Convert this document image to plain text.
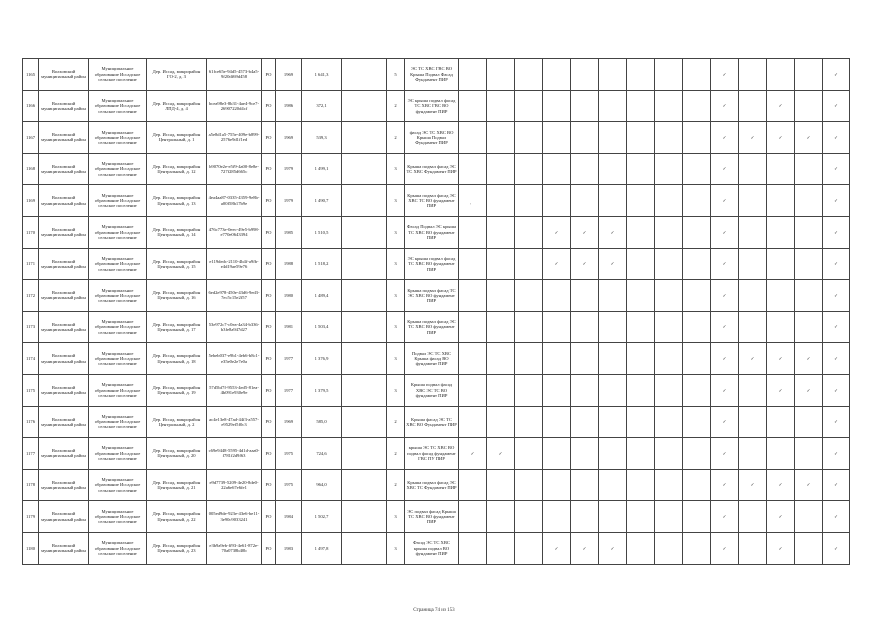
1165	Волховский муниципальный район	Муниципальное образование Иссадское сельское поселение	Дер. Иссад, микрорайон ГО-2, д. 3	61fce65e-94d5-4573-b4a5-9f20df69d458	РО	1969	1 641,3		5	ЭС ТС ХВС ГВС ВО Крыша Подвал Фасад Фундамент ПИР										✓				✓
1166	Волховский муниципальный район	Муниципальное образование Иссадское сельское поселение	Дер. Иссад, микрорайон ЛПД-4, д. 4	bcea98e3-8b31-4ae4-9ce7-26907220d4cf	РО	1986	372,1		2	ЭС крыша подвал фасад ТС ХВС ГВС ВО фундамент ПИР										✓		✓		✓
1167	Волховский муниципальный район	Муниципальное образование Иссадское сельское поселение	Дер. Иссад, микрорайон Центральный, д. 1	a5e8d1a5-755e-409e-b899-2576e9d1f1ed	РО	1969	539,3		2	фасад ЭС ТС ХВС ВО Крыша Подвал Фундамент ПИР										✓	✓	✓	✓	✓
1168	Волховский муниципальный район	Муниципальное образование Иссадское сельское поселение	Дер. Иссад, микрорайон Центральный, д. 12	b9070e2e-e5f9-4a00-8e8e-727f285d665c	РО	1979	1 499,1		3	Крыша подвал фасад ЭС ТС ХВС Фундамент ПИР										✓				✓
1169	Волховский муниципальный район	Муниципальное образование Иссадское сельское поселение	Дер. Иссад, микрорайон Центральный, д. 13	4ea4aa87-0335-4359-9e8b-a00f58b17b9e	РО	1979	1 490,7		3	Крыша подвал фасад ЭС ХВС ТС ВО фундамент ПИР										✓				✓
1170	Волховский муниципальный район	Муниципальное образование Иссадское сельское поселение	Дер. Иссад, микрорайон Центральный, д. 14	476c773e-0eec-49e5-b998-e770e0643394	РО	1985	1 510,5		3	Фасад Подвал ЭС крыша ТС ХВС ВО фундамент ПИР				✓	✓	✓				✓				✓
1171	Волховский муниципальный район	Муниципальное образование Иссадское сельское поселение	Дер. Иссад, микрорайон Центральный, д. 15	e119dedc-2110-4b4f-a9fb-e4d19ae59e76	РО	1988	1 518,2		3	ЭС крыша подвал фасад ТС ХВС ВО фундамент ПИР				✓	✓	✓				✓				✓
1172	Волховский муниципальный район	Муниципальное образование Иссадское сельское поселение	Дер. Иссад, микрорайон Центральный, д. 16	6ed2e978-450e-43d6-9ed3-7ec5c15e2f57	РО	1980	1 489,4		3	Крыша подвал фасад ТС ЭС ХВС ВО фундамент ПИР										✓				✓
1173	Волховский муниципальный район	Муниципальное образование Иссадское сельское поселение	Дер. Иссад, микрорайон Центральный, д. 17	53e972c7-c0ea-4a34-b336-b3fe8a947d27	РО	1981	1 503,4		3	Крыша подвал фасад ЭС ТС ХВС ВО фундамент ПИР										✓				✓
1174	Волховский муниципальный район	Муниципальное образование Иссадское сельское поселение	Дер. Иссад, микрорайон Центральный, д. 18	5ebeb037-e9b1-4eb6-b8c1-e35e0e2e7e0a	РО	1977	1 376,9		3	Подвал ЭС ТС ХВС Крыша фасад ВО фундамент ПИР										✓	✓	✓	✓	✓
1175	Волховский муниципальный район	Муниципальное образование Иссадское сельское поселение	Дер. Иссад, микрорайон Центральный, д. 19	57d5bf7f-9553-4ed5-81ea-4b091e930e9e	РО	1977	1 379,5		3	Крыша подвал фасад ХВС ЭС ТС ВО фундамент ПИР										✓		✓	✓	✓
1176	Волховский муниципальный район	Муниципальное образование Иссадское сельское поселение	Дер. Иссад, микрорайон Центральный, д. 2	ac4e13e8-47ad-44f3-a557-e9529ef5f0c3	РО	1969	585,0		2	Крыша фасад ЭС ТС ХВС ВО Фундамент ПИР										✓				✓
1177	Волховский муниципальный район	Муниципальное образование Иссадское сельское поселение	Дер. Иссад, микрорайон Центральный, д. 20	c69e9448-5595-4d1d-aaa0-f781f2d9f63	РО	1975	724,6		2	крыша ЭС ТС ХВС ВО подвал фасад фундамент ГВС ПУ ПИР	✓	✓								✓				✓
1178	Волховский муниципальный район	Муниципальное образование Иссадское сельское поселение	Дер. Иссад, микрорайон Центральный, д. 21	e9d7739-5209-4e20-8de0-22a6e67e6fe1	РО	1975	964,0		2	Крыша подвал фасад ЭС ХВС ТС Фундамент ПИР										✓	✓	✓	✓	✓
1179	Волховский муниципальный район	Муниципальное образование Иссадское сельское поселение	Дер. Иссад, микрорайон Центральный, д. 22	005ed9de-923e-43e6-be11-3e90c9033241	РО	1984	1 502,7		3	ЭС подвал фасад Крыша ТС ХВС ВО фундамент ПИР										✓		✓		✓
1180	Волховский муниципальный район	Муниципальное образование Иссадское сельское поселение	Дер. Иссад, микрорайон Центральный, д. 23	e3b9a9eb-ff93-4e61-872e-70a0738b40b	РО	1983	1 497,8		3	Фасад ЭС ТС ХВС крыша подвал ВО фундамент ПИР				✓	✓	✓				✓		✓		✓
•
Страница 74 из 153
